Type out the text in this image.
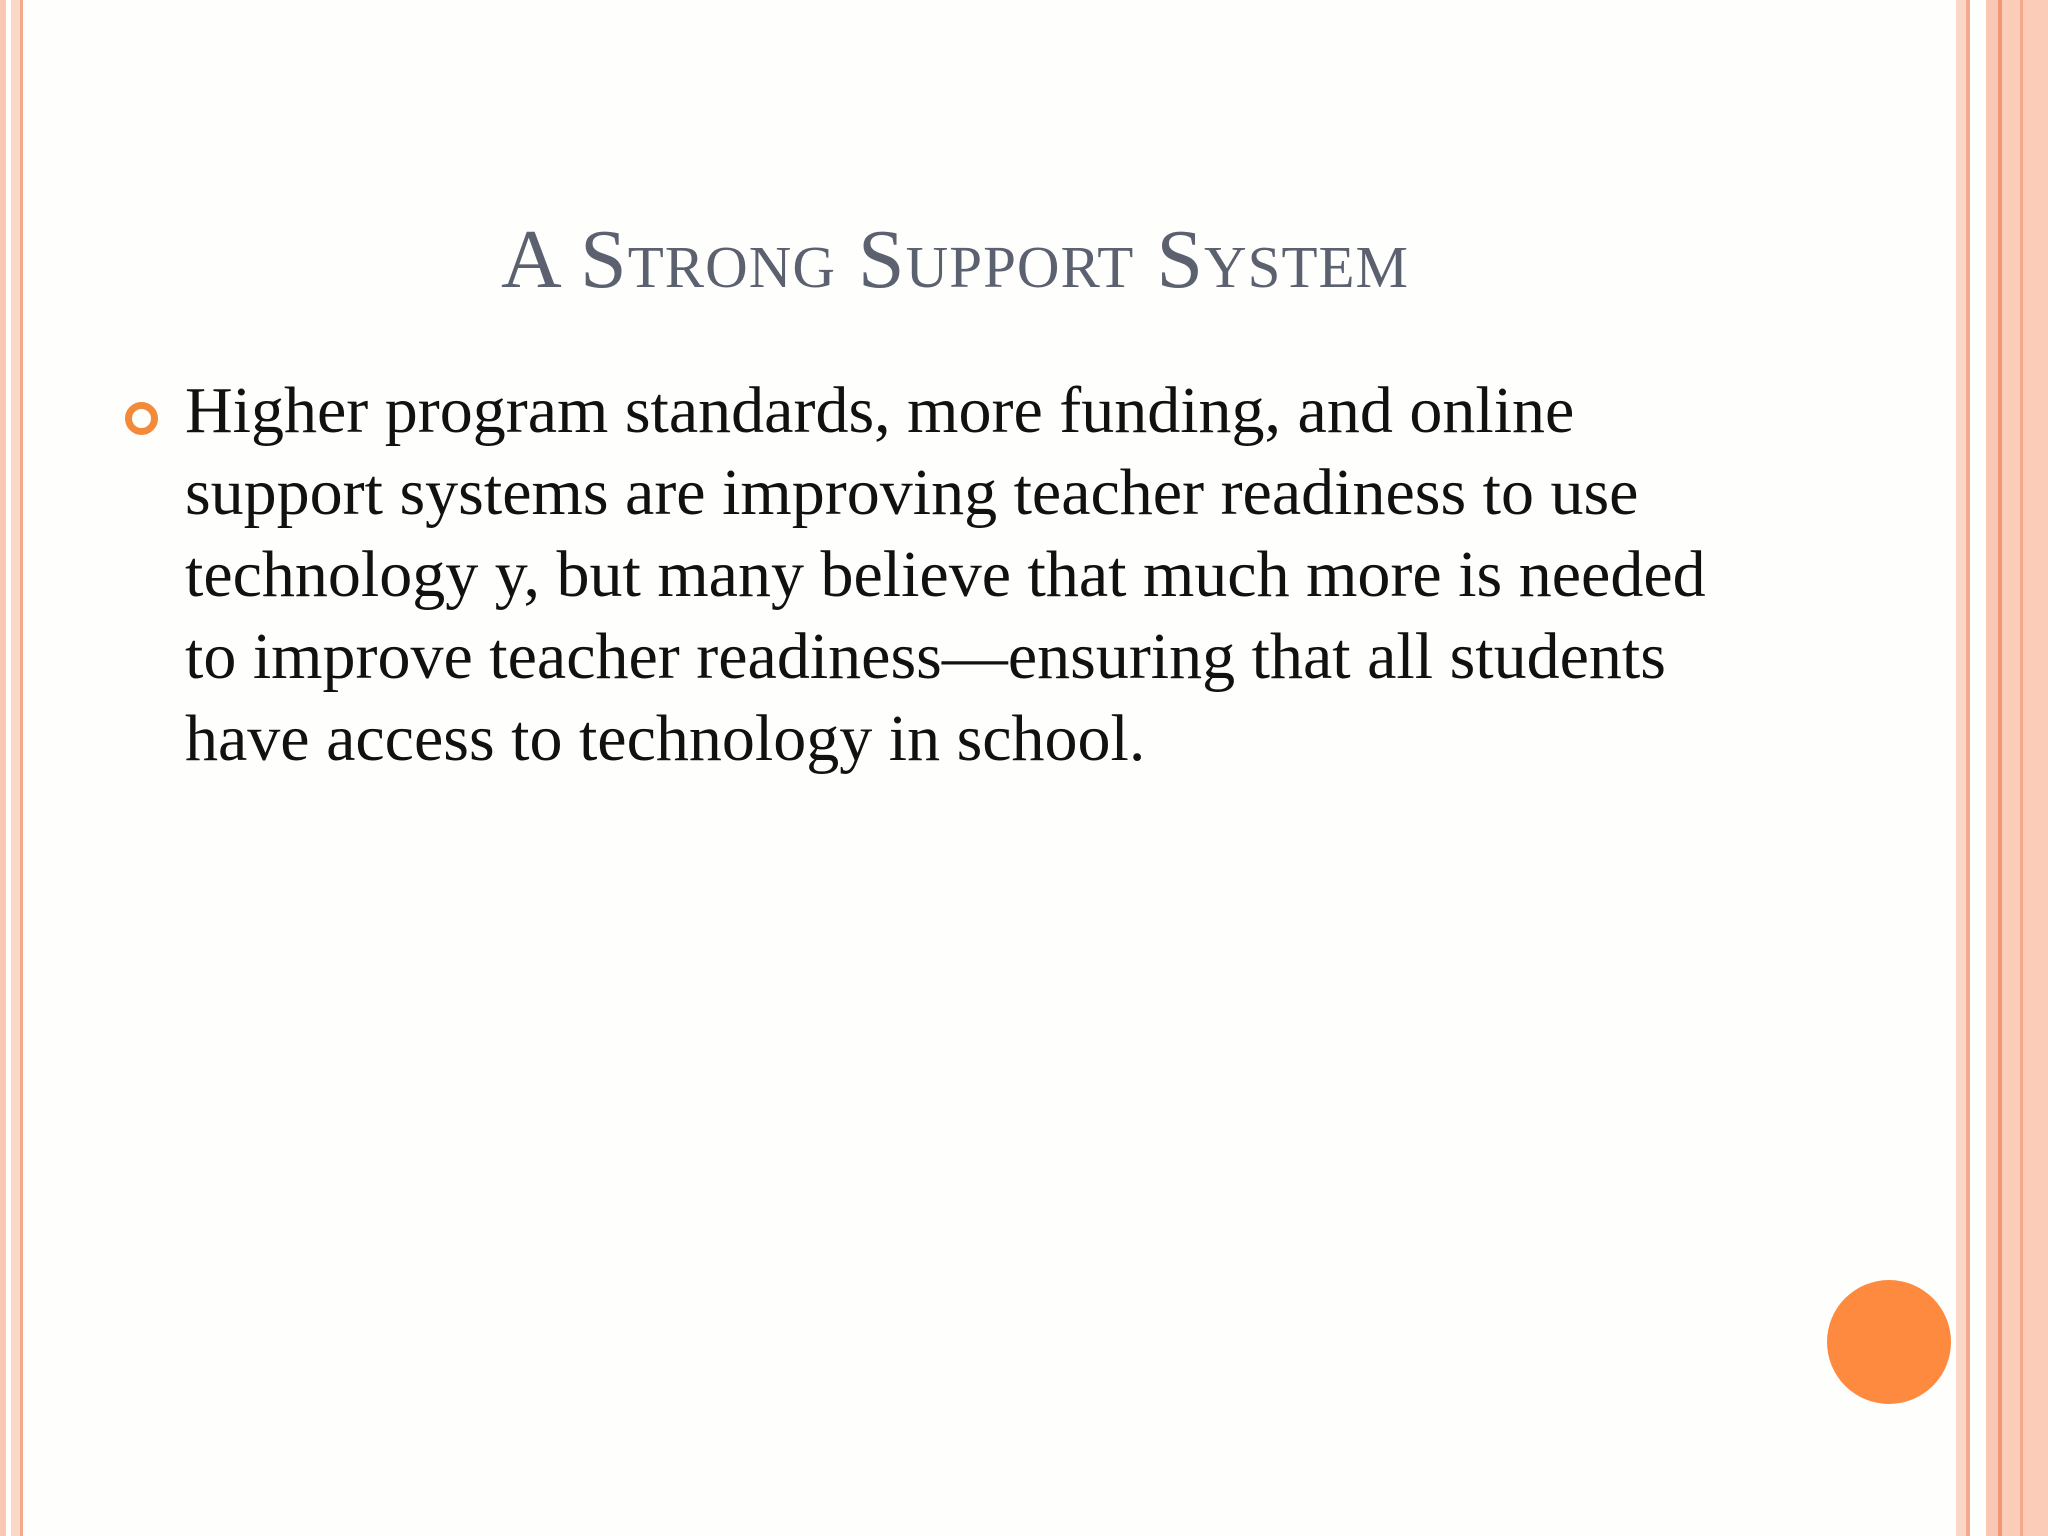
A Strong Support System

Higher program standards, more funding, and online support systems are improving teacher readiness to use technology y, but many believe that much more is needed to improve teacher readiness—ensuring that all students have access to technology in school.
